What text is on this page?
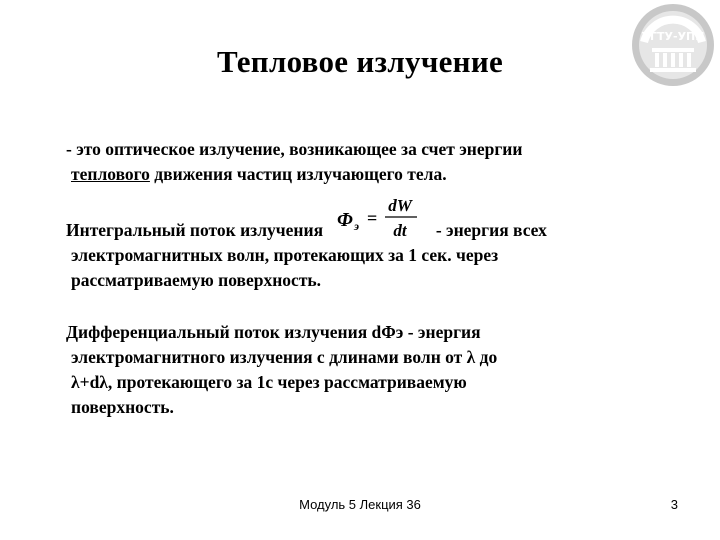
УГТУ-УПИ
Тепловое излучение
- это оптическое излучение, возникающее за счет энергии
теплового движения частиц излучающего тела.
Интегральный поток излучения Φ э =
dW
dt - энергия всех
электромагнитных волн, протекающих за 1 сек. через
рассматриваемую поверхность.
Дифференциальный поток излучения dΦэ - энергия
электромагнитного излучения с длинами волн от λ до
λ+dλ, протекающего за 1с через рассматриваемую
поверхность.
Модуль 5 Лекция 36	3
